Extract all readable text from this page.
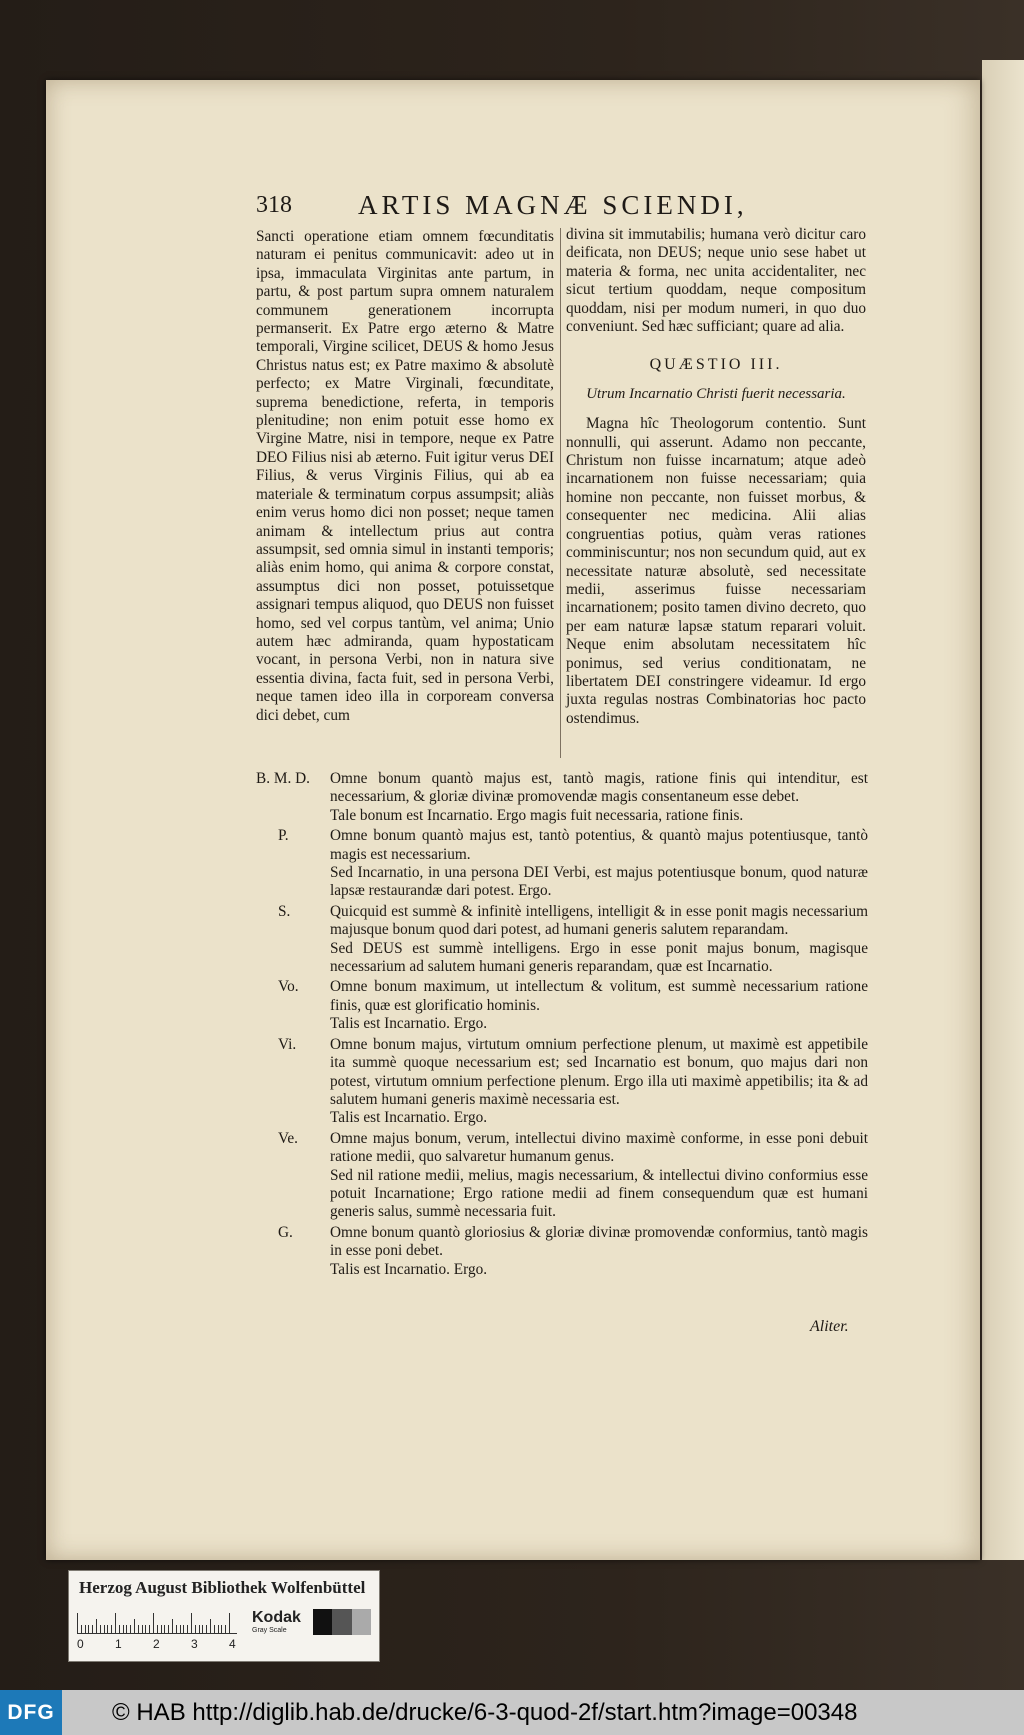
318 ARTIS MAGNÆ SCIENDI,

Sancti operatione etiam omnem fœcunditatis naturam ei penitus communicavit: adeo ut in ipsa, immaculata Virginitas ante partum, in partu, & post partum supra omnem naturalem communem generationem incorrupta permanserit. Ex Patre ergo æterno & Matre temporali, Virgine scilicet, DEUS & homo Jesus Christus natus est; ex Patre maximo & absolutè perfecto; ex Matre Virginali, fœcunditate, suprema benedictione, referta, in temporis plenitudine; non enim potuit esse homo ex Virgine Matre, nisi in tempore, neque ex Patre DEO Filius nisi ab æterno. Fuit igitur verus DEI Filius, & verus Virginis Filius, qui ab ea materiale & terminatum corpus assumpsit; aliàs enim verus homo dici non posset; neque tamen animam & intellectum prius aut contra assumpsit, sed omnia simul in instanti temporis; aliàs enim homo, qui anima & corpore constat, assumptus dici non posset, potuissetque assignari tempus aliquod, quo DEUS non fuisset homo, sed vel corpus tantùm, vel anima; Unio autem hæc admiranda, quam hypostaticam vocant, in persona Verbi, non in natura sive essentia divina, facta fuit, sed in persona Verbi, neque tamen ideo illa in corpoream conversa dici debet, cum

divina sit immutabilis; humana verò dicitur caro deificata, non DEUS; neque unio sese habet ut materia & forma, nec unita accidentaliter, nec sicut tertium quoddam, neque compositum quoddam, nisi per modum numeri, in quo duo conveniunt. Sed hæc sufficiant; quare ad alia.

QUÆSTIO III.

Utrum Incarnatio Christi fuerit necessaria.

Magna hîc Theologorum contentio. Sunt nonnulli, qui asserunt. Adamo non peccante, Christum non fuisse incarnatum; atque adeò incarnationem non fuisse necessariam; quia homine non peccante, non fuisset morbus, & consequenter nec medicina. Alii alias congruentias potius, quàm veras rationes comminiscuntur; nos non secundum quid, aut ex necessitate naturæ absolutè, sed necessitate medii, asserimus fuisse necessariam incarnationem; posito tamen divino decreto, quo per eam naturæ lapsæ statum reparari voluit. Neque enim absolutam necessitatem hîc ponimus, sed verius conditionatam, ne libertatem DEI constringere videamur. Id ergo juxta regulas nostras Combinatorias hoc pacto ostendimus.

B. M. D.	Omne bonum quantò majus est, tantò magis, ratione finis qui intenditur, est necessarium, & gloriæ divinæ promovendæ magis consentaneum esse debet.
Tale bonum est Incarnatio. Ergo magis fuit necessaria, ratione finis.
P.	Omne bonum quantò majus est, tantò potentius, & quantò majus potentiusque, tantò magis est necessarium.
Sed Incarnatio, in una persona DEI Verbi, est majus potentiusque bonum, quod naturæ lapsæ restaurandæ dari potest. Ergo.
S.	Quicquid est summè & infinitè intelligens, intelligit & in esse ponit magis necessarium majusque bonum quod dari potest, ad humani generis salutem reparandam.
Sed DEUS est summè intelligens. Ergo in esse ponit majus bonum, magisque necessarium ad salutem humani generis reparandam, quæ est Incarnatio.
Vo.	Omne bonum maximum, ut intellectum & volitum, est summè necessarium ratione finis, quæ est glorificatio hominis.
Talis est Incarnatio. Ergo.
Vi.	Omne bonum majus, virtutum omnium perfectione plenum, ut maximè est appetibile ita summè quoque necessarium est; sed Incarnatio est bonum, quo majus dari non potest, virtutum omnium perfectione plenum. Ergo illa uti maximè appetibilis; ita & ad salutem humani generis maximè necessaria est.
Talis est Incarnatio. Ergo.
Ve.	Omne majus bonum, verum, intellectui divino maximè conforme, in esse poni debuit ratione medii, quo salvaretur humanum genus.
Sed nil ratione medii, melius, magis necessarium, & intellectui divino conformius esse potuit Incarnatione; Ergo ratione medii ad finem consequendum quæ est humani generis salus, summè necessaria fuit.
G.	Omne bonum quantò gloriosius & gloriæ divinæ promovendæ conformius, tantò magis in esse poni debet.
Talis est Incarnatio. Ergo.
Aliter.
Herzog August Bibliothek Wolfenbüttel
0	1	2	3	4
Kodak
Gray Scale
DFG	© HAB http://diglib.hab.de/drucke/6-3-quod-2f/start.htm?image=00348
